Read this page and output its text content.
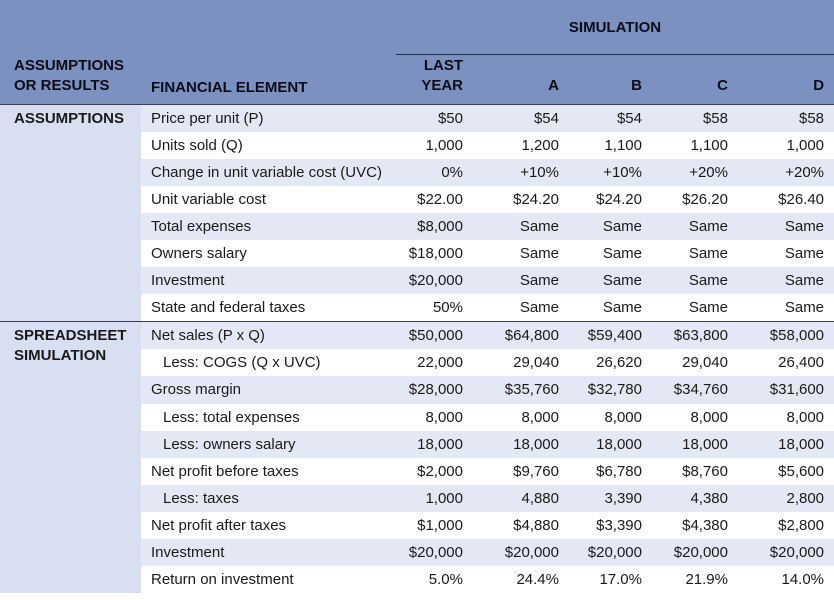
ASSUMPTIONS OR RESULTS	FINANCIAL ELEMENT	SIMULATION				
		LAST YEAR	A	B	C	D
ASSUMPTIONS	Price per unit (P)	$50	$54	$54	$58	$58
	Units sold (Q)	1,000	1,200	1,100	1,100	1,000
	Change in unit variable cost (UVC)	0%	+10%	+10%	+20%	+20%
	Unit variable cost	$22.00	$24.20	$24.20	$26.20	$26.40
	Total expenses	$8,000	Same	Same	Same	Same
	Owners salary	$18,000	Same	Same	Same	Same
	Investment	$20,000	Same	Same	Same	Same
	State and federal taxes	50%	Same	Same	Same	Same
SPREADSHEET SIMULATION	Net sales (P x Q)	$50,000	$64,800	$59,400	$63,800	$58,000
	Less: COGS (Q x UVC)	22,000	29,040	26,620	29,040	26,400
	Gross margin	$28,000	$35,760	$32,780	$34,760	$31,600
	Less: total expenses	8,000	8,000	8,000	8,000	8,000
	Less: owners salary	18,000	18,000	18,000	18,000	18,000
	Net profit before taxes	$2,000	$9,760	$6,780	$8,760	$5,600
	Less: taxes	1,000	4,880	3,390	4,380	2,800
	Net profit after taxes	$1,000	$4,880	$3,390	$4,380	$2,800
	Investment	$20,000	$20,000	$20,000	$20,000	$20,000
	Return on investment	5.0%	24.4%	17.0%	21.9%	14.0%
